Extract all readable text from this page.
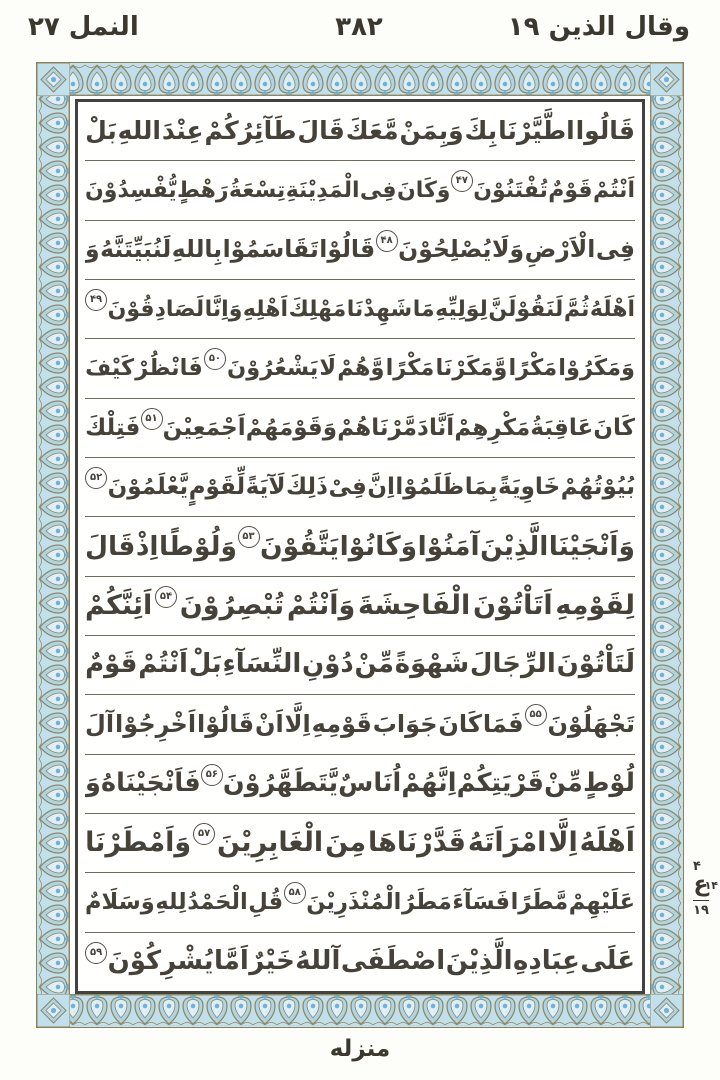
وقال الذين ۱۹
۳۸۲
النمل ۲۷
قَالُوا
اطَّيَّرْنَا
بِكَ
وَبِمَنْ
مَّعَكَ
قَالَ
طَآئِرُكُمْ
عِنْدَ
اللهِ
بَلْ
اَنْتُمْ
قَوْمٌ
تُفْتَنُوْنَ
۴۷
وَكَانَ
فِى
الْمَدِيْنَةِ
تِسْعَةُ
رَهْطٍ
يُّفْسِدُوْنَ
فِى
الْاَرْضِ
وَلَا
يُصْلِحُوْنَ
۴۸
قَالُوْا
تَقَاسَمُوْا
بِاللهِ
لَنُبَيِّتَنَّهُ
وَ
اَهْلَهُ
ثُمَّ
لَنَقُوْلَنَّ
لِوَلِيِّهِ
مَا
شَهِدْنَا
مَهْلِكَ
اَهْلِهِ
وَاِنَّا
لَصَادِقُوْنَ
۴۹
وَمَكَرُوْا
مَكْرًا
وَّمَكَرْنَا
مَكْرًا
وَّهُمْ
لَا
يَشْعُرُوْنَ
۵۰
فَانْظُرْ
كَيْفَ
كَانَ
عَاقِبَةُ
مَكْرِهِمْ
اَنَّا
دَمَّرْنَاهُمْ
وَقَوْمَهُمْ
اَجْمَعِيْنَ
۵۱
فَتِلْكَ
بُيُوْتُهُمْ
خَاوِيَةً
بِمَا
ظَلَمُوْا
اِنَّ
فِىْ
ذَلِكَ
لَآيَةً
لِّقَوْمٍ
يَّعْلَمُوْنَ
۵۲
وَاَنْجَيْنَا
الَّذِيْنَ
آمَنُوْا
وَكَانُوْا
يَتَّقُوْنَ
۵۳
وَلُوْطًا
اِذْ
قَالَ
لِقَوْمِهِ
اَتَاْتُوْنَ
الْفَاحِشَةَ
وَاَنْتُمْ
تُبْصِرُوْنَ
۵۴
اَئِنَّكُمْ
لَتَاْتُوْنَ
الرِّجَالَ
شَهْوَةً
مِّنْ
دُوْنِ
النِّسَآءِ
بَلْ
اَنْتُمْ
قَوْمٌ
تَجْهَلُوْنَ
۵۵
فَمَا
كَانَ
جَوَابَ
قَوْمِهِ
اِلَّا
اَنْ
قَالُوْا
اَخْرِجُوْا
آلَ
لُوْطٍ
مِّنْ
قَرْيَتِكُمْ
اِنَّهُمْ
اُنَاسٌ
يَّتَطَهَّرُوْنَ
۵۶
فَاَنْجَيْنَاهُ
وَ
اَهْلَهُ
اِلَّا
امْرَاَتَهُ
قَدَّرْنَاهَا
مِنَ
الْغَابِرِيْنَ
۵۷
وَاَمْطَرْنَا
عَلَيْهِمْ
مَّطَرًا
فَسَآءَ
مَطَرُ
الْمُنْذَرِيْنَ
۵۸
قُلِ
الْحَمْدُ
لِلهِ
وَسَلَامٌ
عَلَى
عِبَادِهِ
الَّذِيْنَ
اصْطَفَى
آللهُ
خَيْرٌ
اَمَّا
يُشْرِكُوْنَ
۵۹
۴
ع
۱۴
١٩
منزله
